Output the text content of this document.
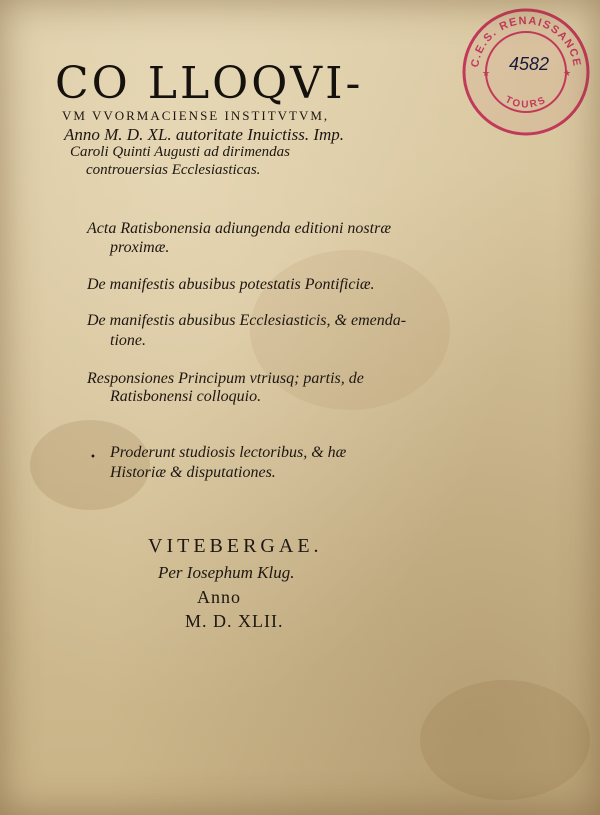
CO LLOQVI-
VM VVORMACIENSE INSTITVTVM,
Anno M. D. XL. autoritate Inuictiss. Imp.
Caroli Quinti Augusti ad dirimendas
controuersias Ecclesiasticas.
Acta Ratisbonensia adiungenda editioni nostræ
proximæ.
De manifestis abusibus potestatis Pontificiæ.
De manifestis abusibus Ecclesiasticis, & emenda-
tione.
Responsiones Principum vtriusq; partis, de
Ratisbonensi colloquio.
• Proderunt studiosis lectoribus, & hæ
Historiæ & disputationes.
VITEBERGAE.
Per Iosephum Klug.
Anno
M. D. XLII.
C.E.S. RENAISSANCE
TOURS
★	★
4582
